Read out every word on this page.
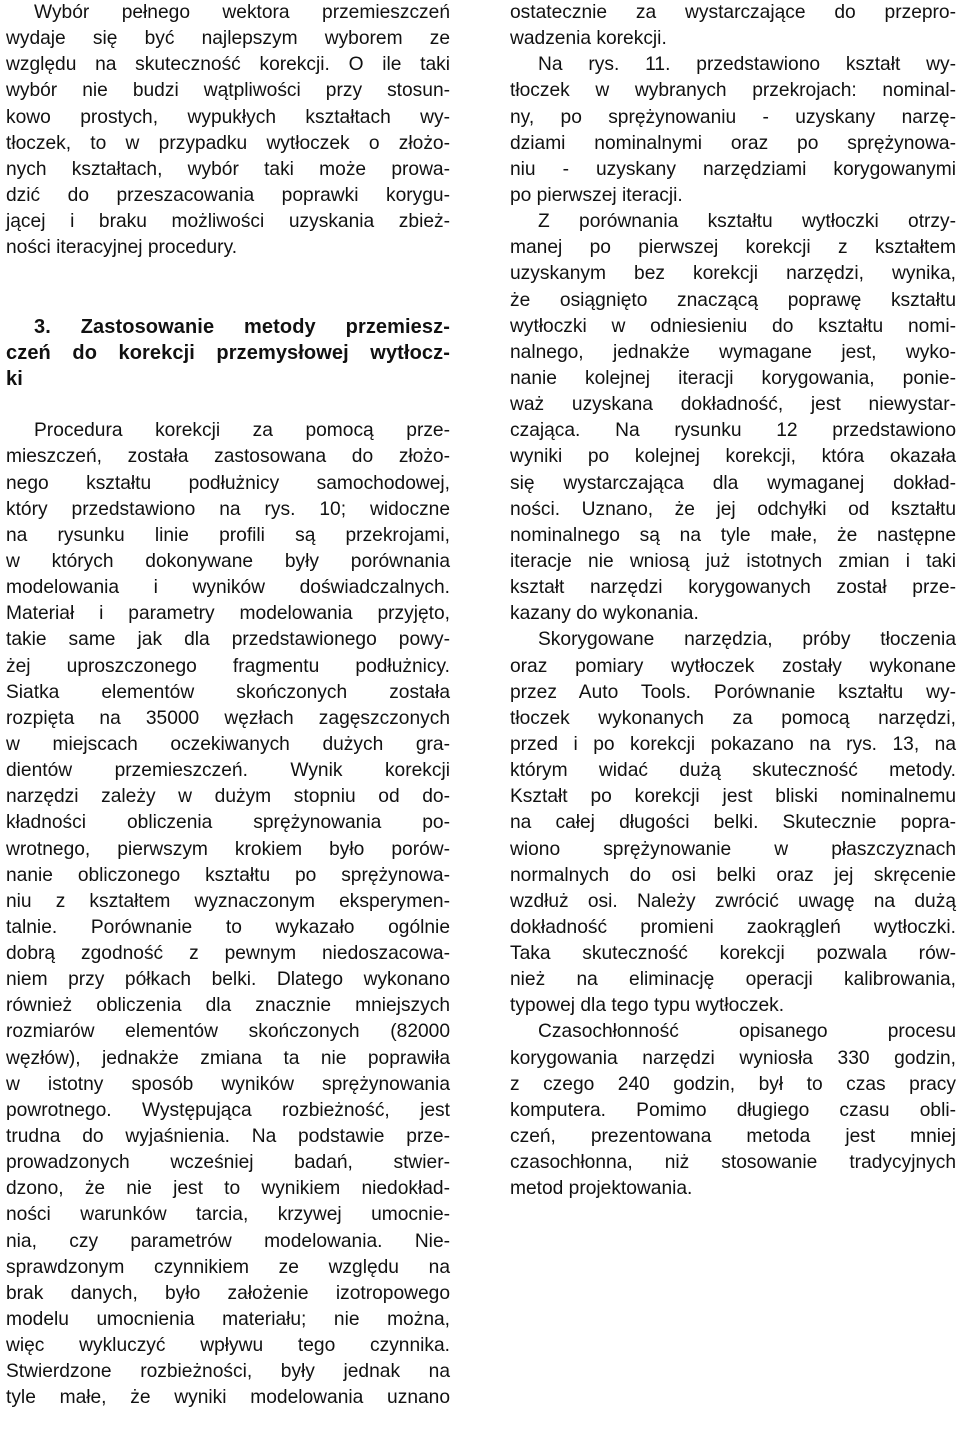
Wybór pełnego wektora przemieszczeń
wydaje się być najlepszym wyborem ze
względu na skuteczność korekcji. O ile taki
wybór nie budzi wątpliwości przy stosun-
kowo prostych, wypukłych kształtach wy-
tłoczek, to w przypadku wytłoczek o złożo-
nych kształtach, wybór taki może prowa-
dzić do przeszacowania poprawki korygu-
jącej i braku możliwości uzyskania zbież-
ności iteracyjnej procedury.
3. Zastosowanie metody przemiesz-
czeń do korekcji przemysłowej wytłocz-
ki
Procedura korekcji za pomocą prze-
mieszczeń, została zastosowana do złożo-
nego kształtu podłużnicy samochodowej,
który przedstawiono na rys. 10; widoczne
na rysunku linie profili są przekrojami,
w których dokonywane były porównania
modelowania i wyników doświadczalnych.
Materiał i parametry modelowania przyjęto,
takie same jak dla przedstawionego powy-
żej uproszczonego fragmentu podłużnicy.
Siatka elementów skończonych została
rozpięta na 35000 węzłach zagęszczonych
w miejscach oczekiwanych dużych gra-
dientów przemieszczeń. Wynik korekcji
narzędzi zależy w dużym stopniu od do-
kładności obliczenia sprężynowania po-
wrotnego, pierwszym krokiem było porów-
nanie obliczonego kształtu po sprężynowa-
niu z kształtem wyznaczonym eksperymen-
talnie. Porównanie to wykazało ogólnie
dobrą zgodność z pewnym niedoszacowa-
niem przy półkach belki. Dlatego wykonano
również obliczenia dla znacznie mniejszych
rozmiarów elementów skończonych (82000
węzłów), jednakże zmiana ta nie poprawiła
w istotny sposób wyników sprężynowania
powrotnego. Występująca rozbieżność, jest
trudna do wyjaśnienia. Na podstawie prze-
prowadzonych wcześniej badań, stwier-
dzono, że nie jest to wynikiem niedokład-
ności warunków tarcia, krzywej umocnie-
nia, czy parametrów modelowania. Nie-
sprawdzonym czynnikiem ze względu na
brak danych, było założenie izotropowego
modelu umocnienia materiału; nie można,
więc wykluczyć wpływu tego czynnika.
Stwierdzone rozbieżności, były jednak na
tyle małe, że wyniki modelowania uznano
ostatecznie za wystarczające do przepro-
wadzenia korekcji.
Na rys. 11. przedstawiono kształt wy-
tłoczek w wybranych przekrojach: nominal-
ny, po sprężynowaniu - uzyskany narzę-
dziami nominalnymi oraz po sprężynowa-
niu - uzyskany narzędziami korygowanymi
po pierwszej iteracji.
Z porównania kształtu wytłoczki otrzy-
manej po pierwszej korekcji z kształtem
uzyskanym bez korekcji narzędzi, wynika,
że osiągnięto znaczącą poprawę kształtu
wytłoczki w odniesieniu do kształtu nomi-
nalnego, jednakże wymagane jest, wyko-
nanie kolejnej iteracji korygowania, ponie-
waż uzyskana dokładność, jest niewystar-
czająca. Na rysunku 12 przedstawiono
wyniki po kolejnej korekcji, która okazała
się wystarczająca dla wymaganej dokład-
ności. Uznano, że jej odchyłki od kształtu
nominalnego są na tyle małe, że następne
iteracje nie wniosą już istotnych zmian i taki
kształt narzędzi korygowanych został prze-
kazany do wykonania.
Skorygowane narzędzia, próby tłoczenia
oraz pomiary wytłoczek zostały wykonane
przez Auto Tools. Porównanie kształtu wy-
tłoczek wykonanych za pomocą narzędzi,
przed i po korekcji pokazano na rys. 13, na
którym widać dużą skuteczność metody.
Kształt po korekcji jest bliski nominalnemu
na całej długości belki. Skutecznie popra-
wiono sprężynowanie w płaszczyznach
normalnych do osi belki oraz jej skręcenie
wzdłuż osi. Należy zwrócić uwagę na dużą
dokładność promieni zaokrągleń wytłoczki.
Taka skuteczność korekcji pozwala rów-
nież na eliminację operacji kalibrowania,
typowej dla tego typu wytłoczek.
Czasochłonność opisanego procesu
korygowania narzędzi wyniosła 330 godzin,
z czego 240 godzin, był to czas pracy
komputera. Pomimo długiego czasu obli-
czeń, prezentowana metoda jest mniej
czasochłonna, niż stosowanie tradycyjnych
metod projektowania.
